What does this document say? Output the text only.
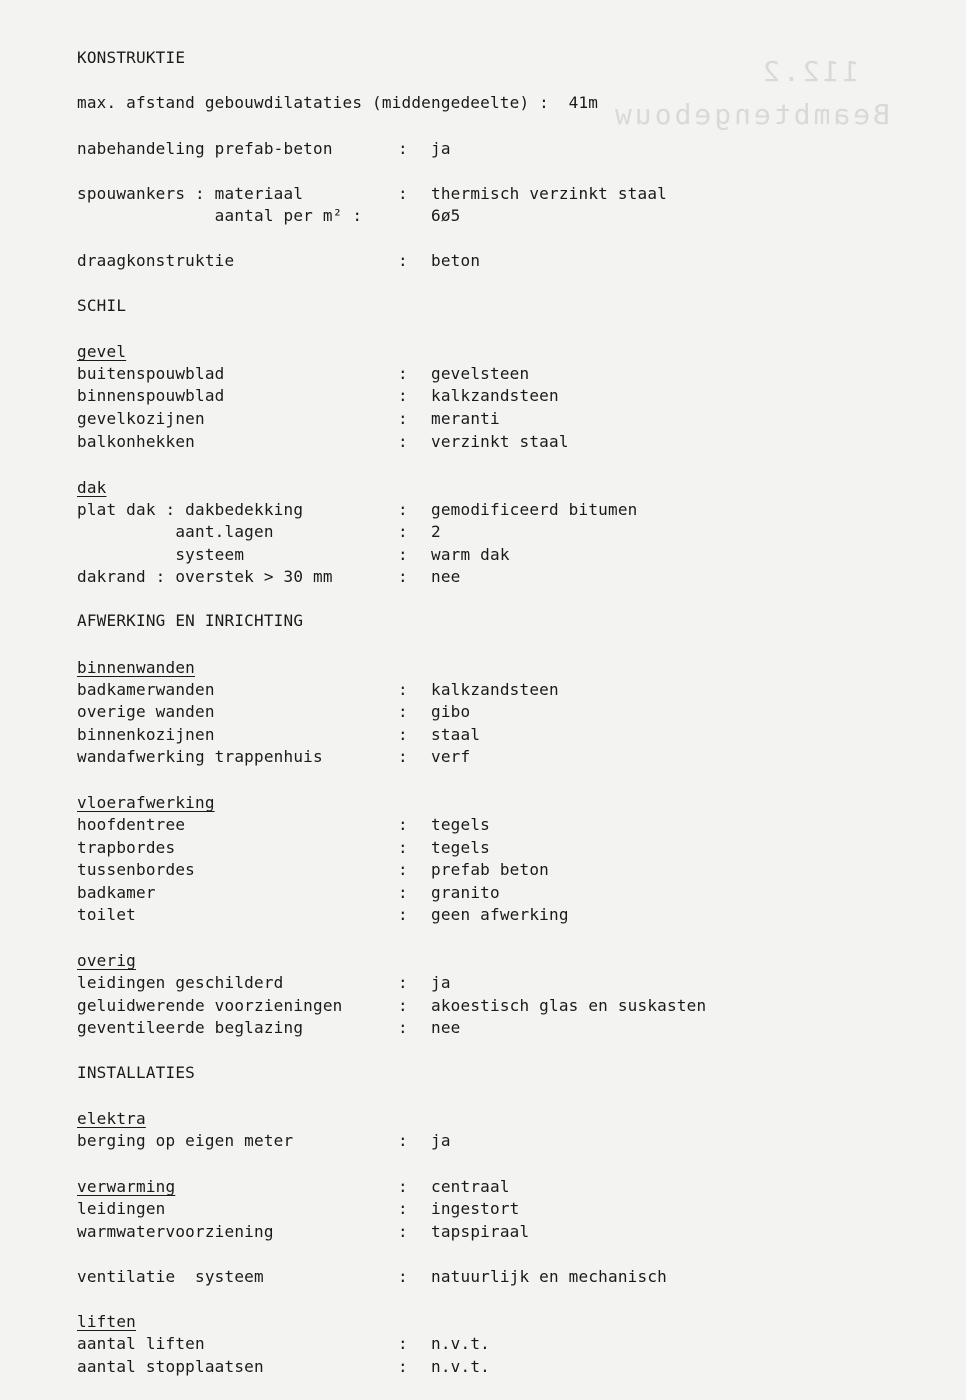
112.2
Beambtengebouw
KONSTRUKTIE
max. afstand gebouwdilataties (middengedeelte) :  41m
nabehandeling prefab-beton	: ja
spouwankers : materiaal	: thermisch verzinkt staal
aantal per m² :	6ø5
draagkonstruktie	: beton
SCHIL
gevel
buitenspouwblad	: gevelsteen
binnenspouwblad	: kalkzandsteen
gevelkozijnen	: meranti
balkonhekken	: verzinkt staal
dak
plat dak : dakbedekking	: gemodificeerd bitumen
aant.lagen	: 2
systeem	: warm dak
dakrand : overstek > 30 mm	: nee
AFWERKING EN INRICHTING
binnenwanden
badkamerwanden	: kalkzandsteen
overige wanden	: gibo
binnenkozijnen	: staal
wandafwerking trappenhuis	: verf
vloerafwerking
hoofdentree	: tegels
trapbordes	: tegels
tussenbordes	: prefab beton
badkamer	: granito
toilet	: geen afwerking
overig
leidingen geschilderd	: ja
geluidwerende voorzieningen	: akoestisch glas en suskasten
geventileerde beglazing	: nee
INSTALLATIES
elektra
berging op eigen meter	: ja
verwarming	: centraal
leidingen	: ingestort
warmwatervoorziening	: tapspiraal
ventilatie  systeem	: natuurlijk en mechanisch
liften
aantal liften	: n.v.t.
aantal stopplaatsen	: n.v.t.
